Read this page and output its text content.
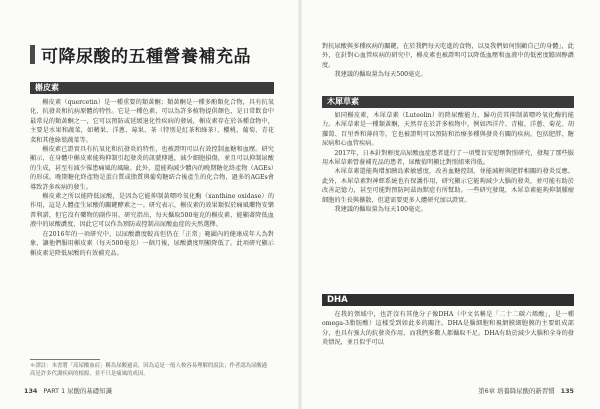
可降尿酸的五種營養補充品
槲皮素

槲皮素（quercetin）是一種重要的類黃酮；類黃酮是一種多酚類化合物，具有抗氧化、抗發炎和抗病原體的特性。它是一種色素，可以為許多植物提供顏色，是日常飲食中最常見的類黃酮之一，它可以預防或延緩退化性疾病的發展，槲皮素存在於各種食物中，主要是水果和蔬菜，如蘋果、洋蔥、莓果、茶（特別是紅茶和綠茶）、櫻桃、葡萄、青花菜和其他綠葉蔬菜等。

槲皮素已證實具有抗氧化和抗發炎的特性，也被證明可以有效控制血糖和血壓。研究顯示，在身體中槲皮素能夠抑制引起發炎的訊號傳遞，減少細胞損傷，並且可以抑制尿酸的生成，甚至有減少罹患痛風的風險。此外，還能夠減少體內的晚期糖化終產物（AGEs）的形成。晚期糖化終產物是蛋白質或脂質與葡萄糖結合後產生的化合物，過多的AGEs會導致許多疾病的發生。

槲皮素之所以能降低尿酸，是因為它能抑制黃嘌呤氧化酶（xanthine oxidase）的作用，這是人體產生尿酸的關鍵酵素之一。研究表示，槲皮素的效果類似於痛風藥物安樂普利諾，但它沒有藥物的副作用。研究指出，每天攝取500毫克的槲皮素，能顯著降低血液中的尿酸濃度，因此它可以作為預防或控制高尿酸血症的天然選擇。

在2016年的一項研究中，以尿酸濃度較高但仍在「正常」範圍內的健康成年人為對象，讓他們服用槲皮素（每天500毫克）一個月後，尿酸濃度明顯降低了。此項研究顯示槲皮素是降低尿酸的有效補充品。

＊譯註：本書將「高尿酸血症」稱為尿酸過高，因為這是一般人較容易理解的說法；作者認為尿酸過高是許多代謝疾病的根源，並不只是痛風的成因。
134 PART 1 尿酸的基礎知識

對抗尿酸與多種疾病的關鍵，在於我們每天吃進的食物，以及我們如何照顧自己的身體」，此外，在針對心血管疾病的研究中，槲皮素也被證明可以降低血壓和血液中的低密度膽固醇濃度。

我建議的攝取量為每天500毫克。

木犀草素

如同槲皮素，木犀草素（Luteolin）的降尿酸能力，歸功於其抑制黃嘌呤氧化酶的能力。木犀草素是一種類黃酮，天然存在於許多植物中，例如西洋芹、青椒、洋蔥、菊花、胡蘿蔔、百里香和薄荷等，它也被證明可以預防和治療多種與發炎有關的疾病，包括肥胖、糖尿病和心血管疾病。

2017年，日本針對輕度高尿酸血症患者進行了一項雙盲安慰劑對照研究，發現了那些服用木犀草素營養補充品的患者，尿酸值明顯比對照組來得低。

木犀草素還能夠增加胰島素敏感度，改善血糖控制，並能減輕與肥胖相關的發炎反應。此外，木犀草素對神經系統也有保護作用，研究顯示它能夠減少大腦的發炎，並可能有助於改善記憶力，甚至可能對預防阿茲海默症有所幫助。一些研究發現，木犀草素能夠抑制腫瘤細胞的生長與擴散，但還需要更多人體研究加以證實。

我建議的攝取量為每天100毫克。

DHA

在我的領域中，也許沒有其他分子像DHA（中文名稱是「二十二碳六烯酸」，是一種omega-3脂肪酸）這樣受到如此多的關注。DHA是腦細胞和視網膜細胞膜的主要組成部分，也具有強大的抗發炎作用，而我們多數人都攝取不足。DHA有助於減少大腦和全身的發炎情況，並且似乎可以

第6章 培養降尿酸的新習慣 135
